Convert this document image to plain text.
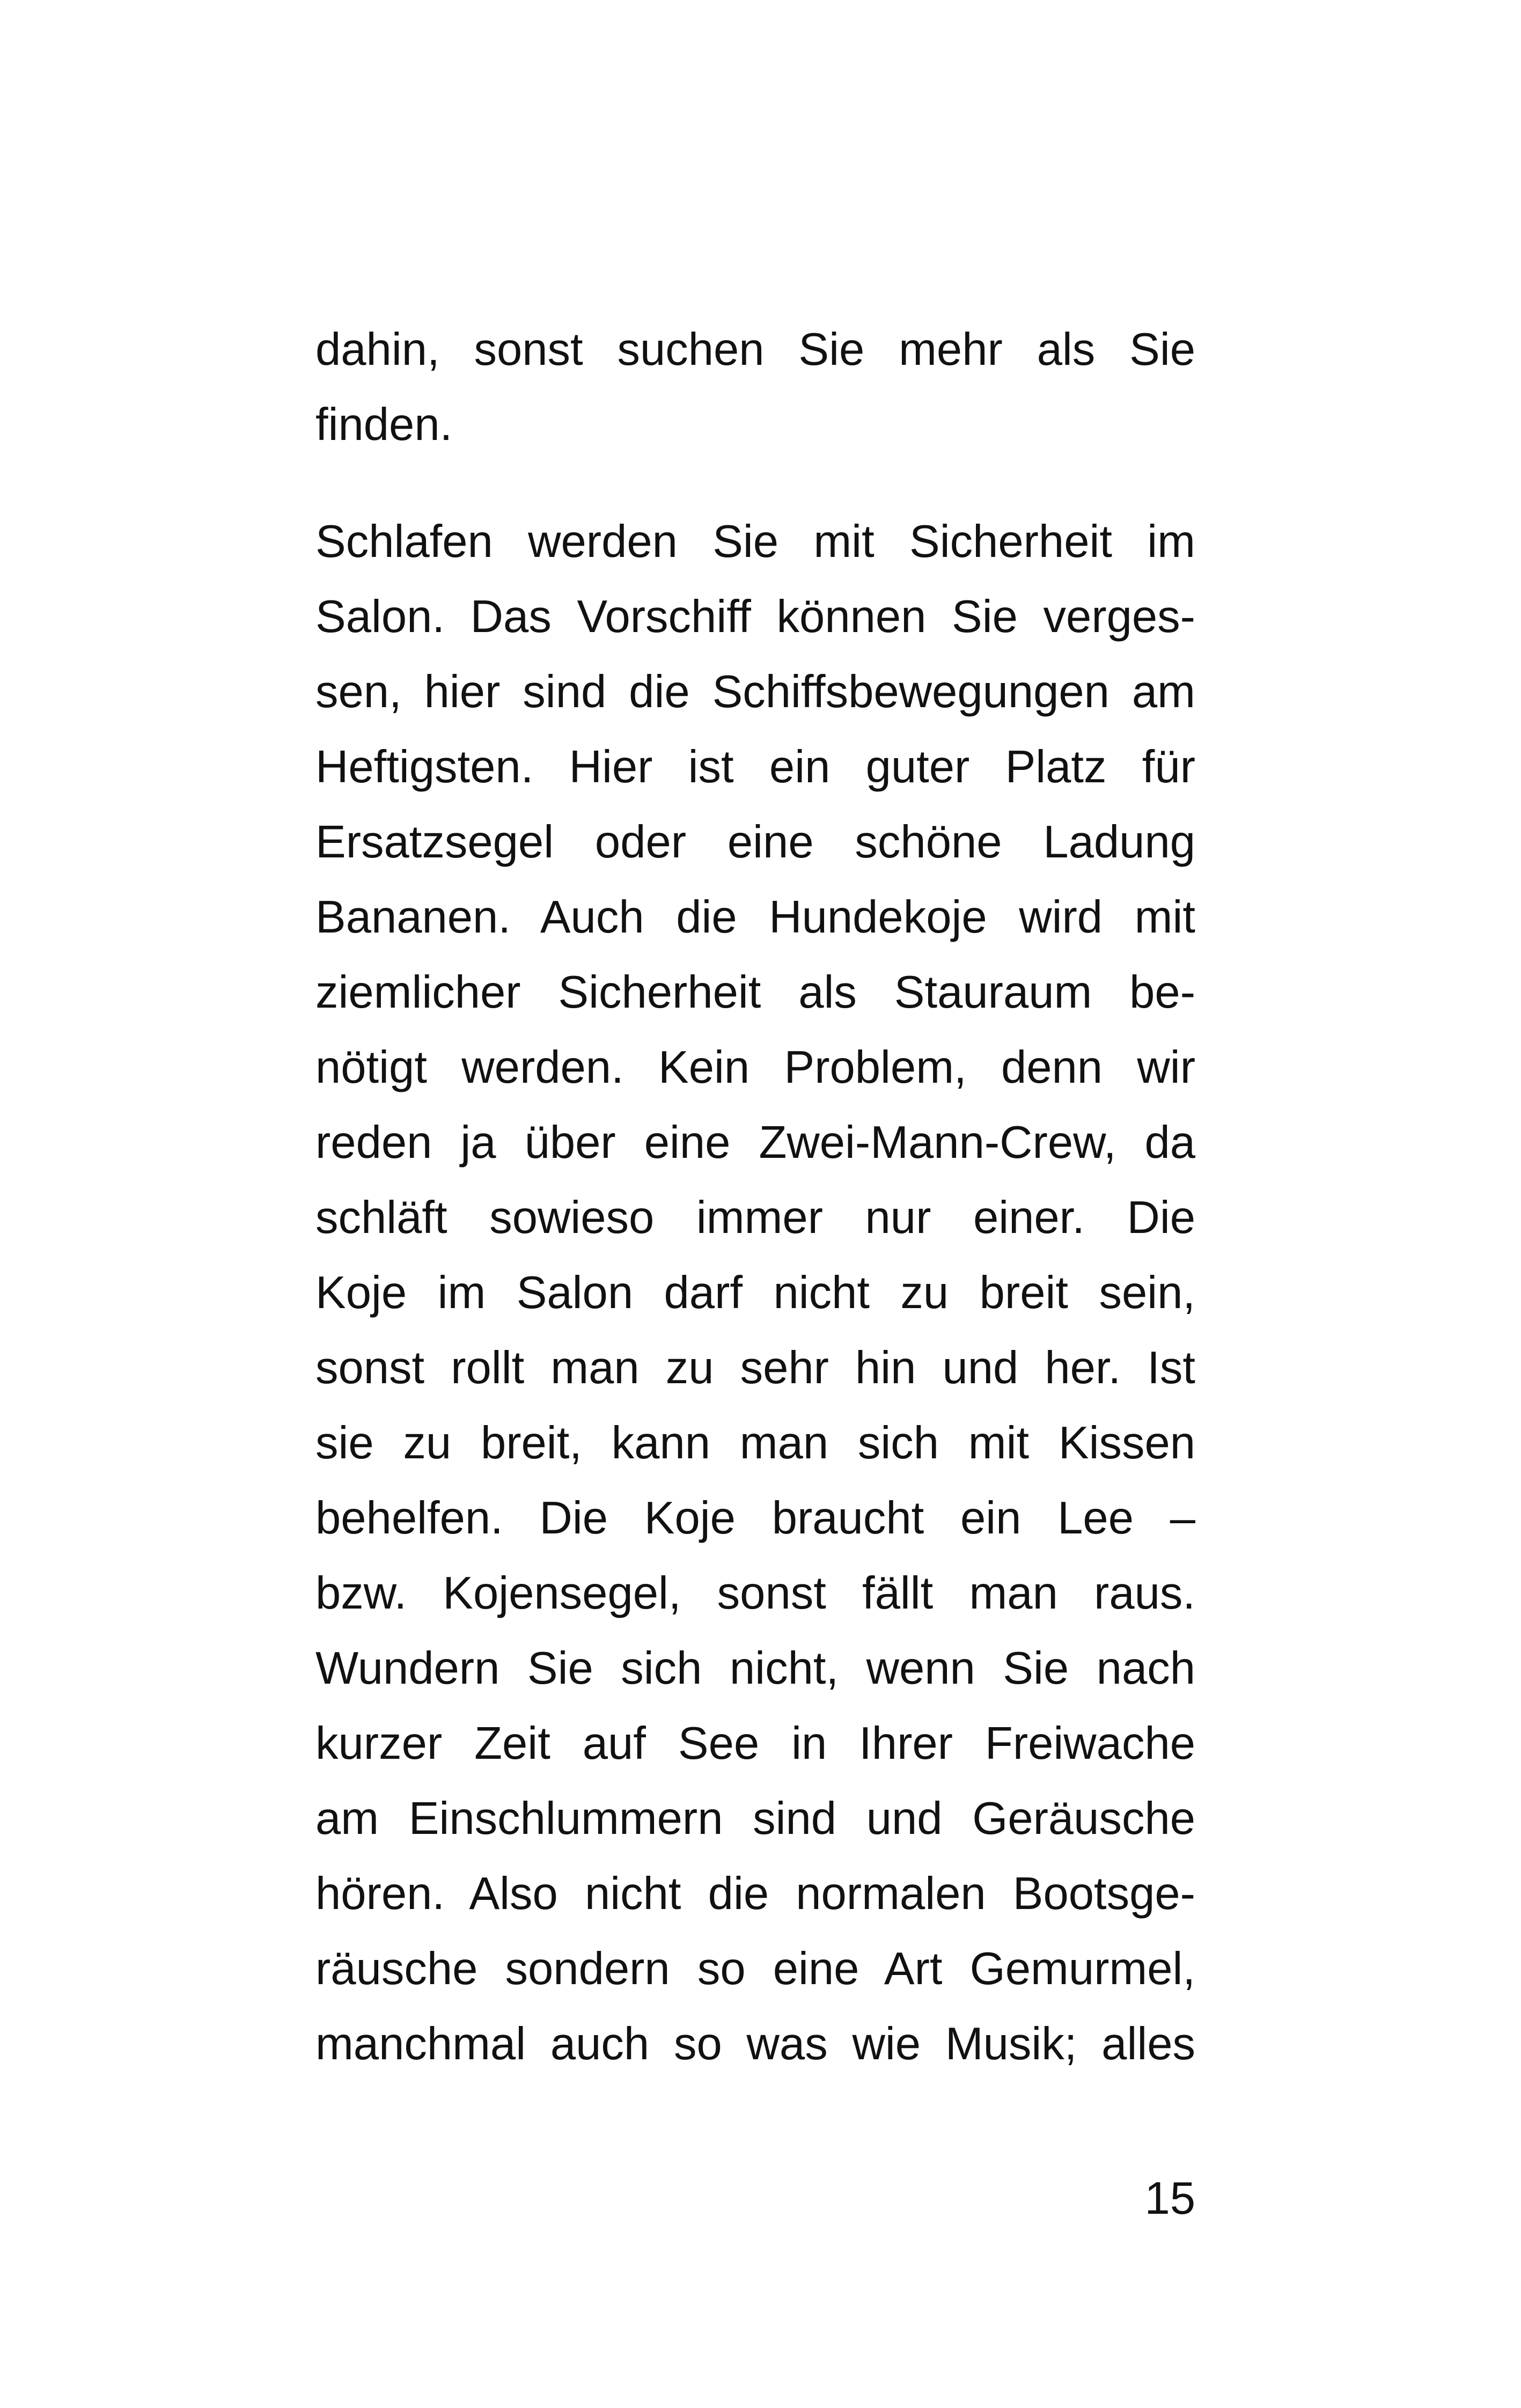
dahin, sonst suchen Sie mehr als Sie
finden.
Schlafen werden Sie mit Sicherheit im
Salon. Das Vorschiff können Sie verges-
sen, hier sind die Schiffsbewegungen am
Heftigsten. Hier ist ein guter Platz für
Ersatzsegel oder eine schöne Ladung
Bananen. Auch die Hundekoje wird mit
ziemlicher Sicherheit als Stauraum be-
nötigt werden. Kein Problem, denn wir
reden ja über eine Zwei-Mann-Crew, da
schläft sowieso immer nur einer. Die
Koje im Salon darf nicht zu breit sein,
sonst rollt man zu sehr hin und her. Ist
sie zu breit, kann man sich mit Kissen
behelfen. Die Koje braucht ein Lee –
bzw. Kojensegel, sonst fällt man raus.
Wundern Sie sich nicht, wenn Sie nach
kurzer Zeit auf See in Ihrer Freiwache
am Einschlummern sind und Geräusche
hören. Also nicht die normalen Bootsge-
räusche sondern so eine Art Gemurmel,
manchmal auch so was wie Musik; alles
15
